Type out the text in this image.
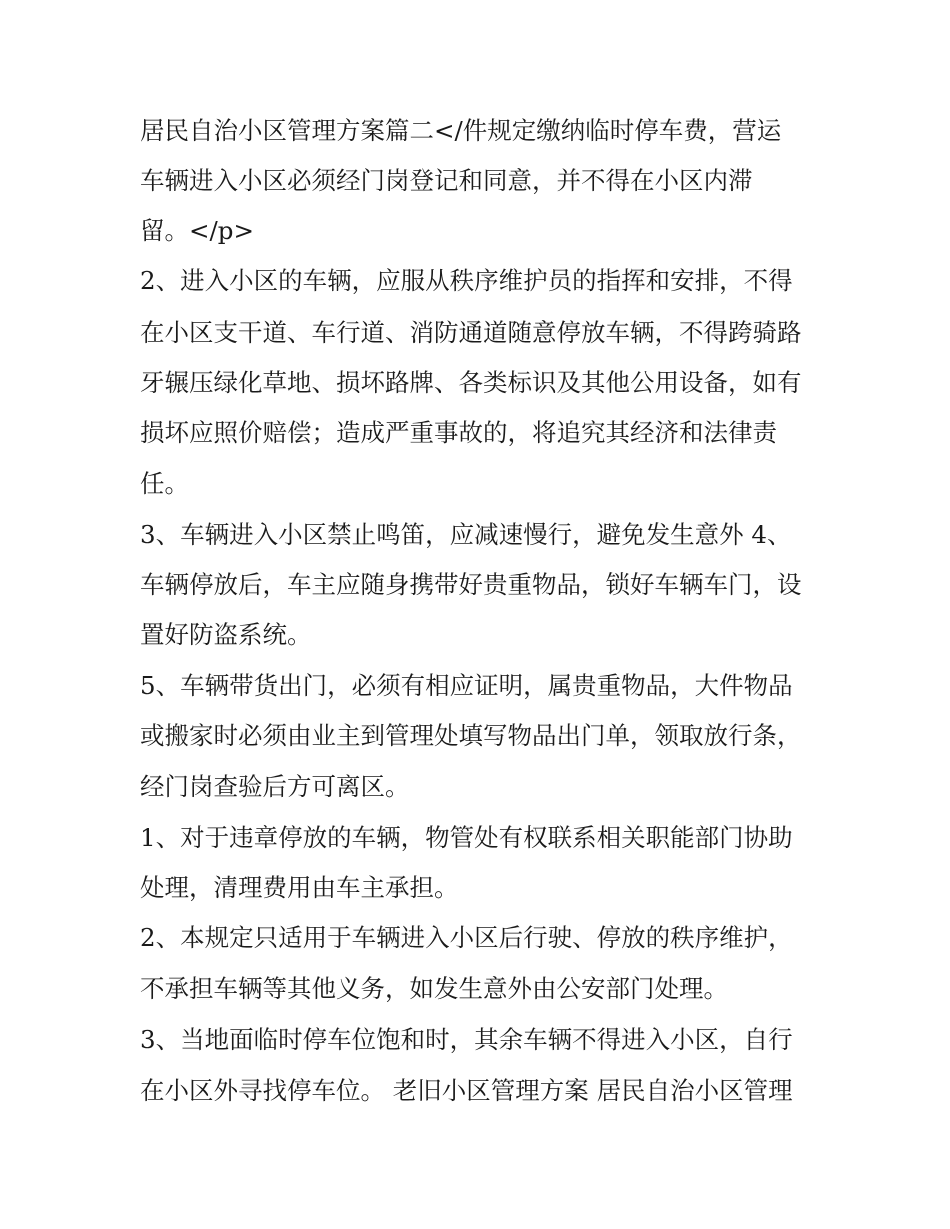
居民自治小区管理方案篇二</件规定缴纳临时停车费，营运
车辆进入小区必须经门岗登记和同意，并不得在小区内滞
留。</p>
2、进入小区的车辆，应服从秩序维护员的指挥和安排，不得
在小区支干道、车行道、消防通道随意停放车辆，不得跨骑路
牙辗压绿化草地、损坏路牌、各类标识及其他公用设备，如有
损坏应照价赔偿；造成严重事故的，将追究其经济和法律责
任。
3、车辆进入小区禁止鸣笛，应减速慢行，避免发生意外 4、
车辆停放后，车主应随身携带好贵重物品，锁好车辆车门，设
置好防盗系统。
5、车辆带货出门，必须有相应证明，属贵重物品，大件物品
或搬家时必须由业主到管理处填写物品出门单，领取放行条，
经门岗查验后方可离区。
1、对于违章停放的车辆，物管处有权联系相关职能部门协助
处理，清理费用由车主承担。
2、本规定只适用于车辆进入小区后行驶、停放的秩序维护，
不承担车辆等其他义务，如发生意外由公安部门处理。
3、当地面临时停车位饱和时，其余车辆不得进入小区，自行
在小区外寻找停车位。 老旧小区管理方案 居民自治小区管理
